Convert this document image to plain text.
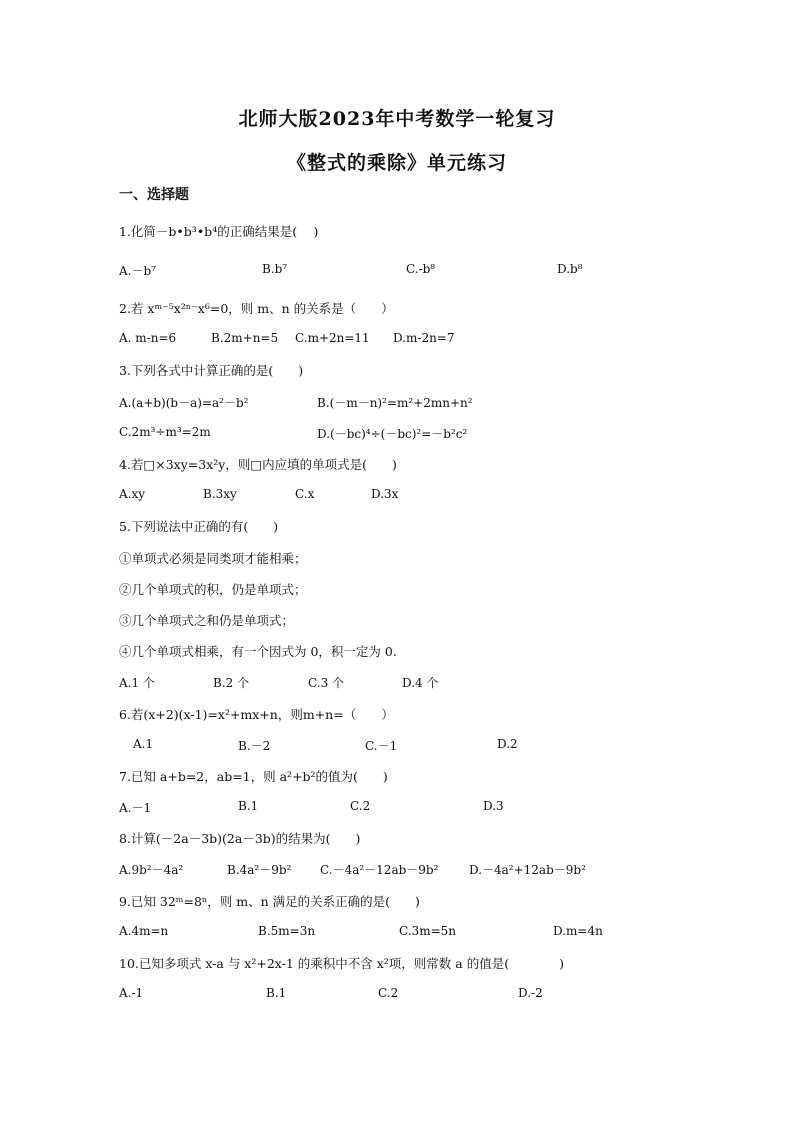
北师大版2023年中考数学一轮复习
《整式的乘除》单元练习
一、选择题
1.化简－b•b³•b⁴的正确结果是(　 )
A.－b⁷	B.b⁷	C.-b⁸	D.b⁸
2.若 xᵐ⁻⁵x²ⁿ⁻x⁶=0，则 m、n 的关系是（　　）
A. m-n=6	B.2m+n=5 C.m+2n=11 D.m-2n=7
3.下列各式中计算正确的是(　　)
A.(a+b)(b－a)=a²－b²	B.(－m－n)²=m²+2mn+n²
C.2m³÷m³=2m	D.(－bc)⁴÷(－bc)²=－b²c²
4.若□×3xy=3x²y，则□内应填的单项式是(　　)
A.xy	B.3xy	C.x	D.3x
5.下列说法中正确的有(　　)
①单项式必须是同类项才能相乘；
②几个单项式的积，仍是单项式；
③几个单项式之和仍是单项式；
④几个单项式相乘，有一个因式为 0，积一定为 0.
A.1 个	B.2 个	C.3 个	D.4 个
6.若(x+2)(x-1)=x²+mx+n，则m+n=（　　）
A.1	B.－2	C.－1	D.2
7.已知 a+b=2，ab=1，则 a²+b²的值为(　　)
A.－1	B.1	C.2	D.3
8.计算(－2a－3b)(2a－3b)的结果为(　　)
A.9b²－4a²	B.4a²－9b² C.－4a²－12ab－9b²	D.－4a²+12ab－9b²
9.已知 32ᵐ=8ⁿ，则 m、n 满足的关系正确的是(　　)
A.4m=n	B.5m=3n	C.3m=5n	D.m=4n
10.已知多项式 x-a 与 x²+2x-1 的乘积中不含 x²项，则常数 a 的值是(　　　　)
A.-1	B.1	C.2	D.-2
